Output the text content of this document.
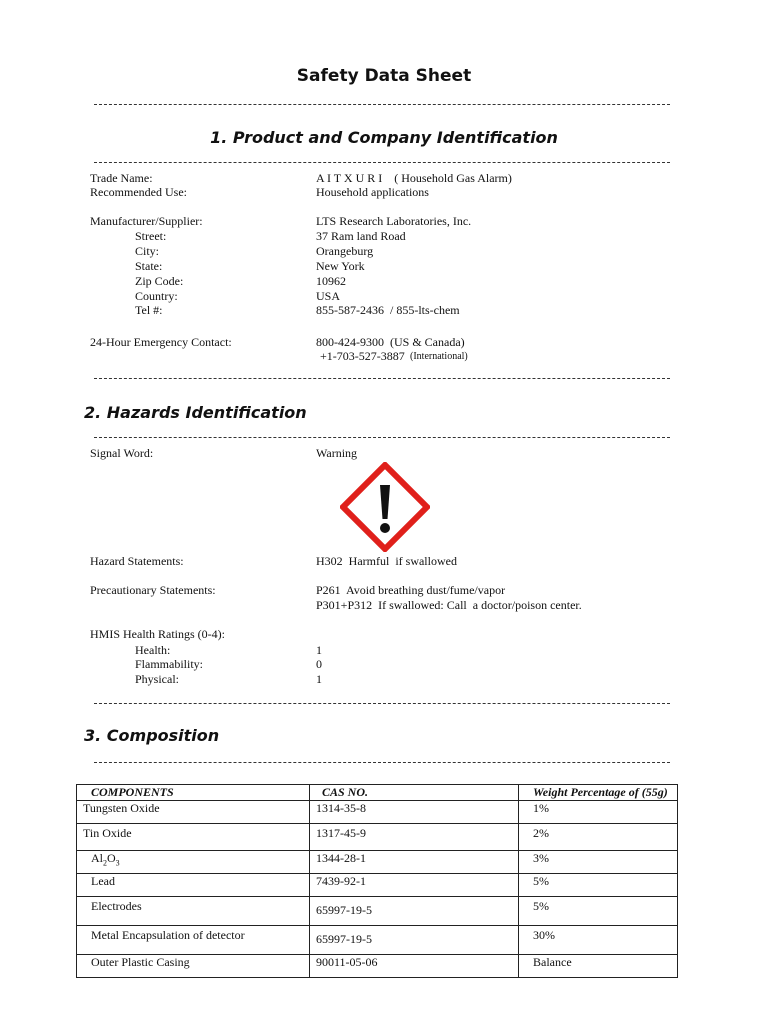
Safety Data Sheet
1. Product and Company Identification
Trade Name:	A I T X U R I    ( Household Gas Alarm)
Recommended Use:	Household applications
Manufacturer/Supplier:	LTS Research Laboratories, Inc.
Street:	37 Ram land Road
City:	Orangeburg
State:	New York
Zip Code:	10962
Country:	USA
Tel #:	855-587-2436  / 855-lts-chem
24-Hour Emergency Contact:	800-424-9300  (US & Canada)
+1-703-527-3887 (International)
2. Hazards Identification
Signal Word:	Warning
Hazard Statements:	H302  Harmful  if swallowed
Precautionary Statements:	P261  Avoid breathing dust/fume/vapor
P301+P312  If swallowed: Call  a doctor/poison center.
HMIS Health Ratings (0-4):
Health:	1
Flammability:	0
Physical:	1
3. Composition
COMPONENTS	CAS NO.	Weight Percentage of (55g)
Tungsten Oxide	1314-35-8	1%
Tin Oxide	1317-45-9	2%
$Al_2O_3$	1344-28-1	3%
Lead	7439-92-1	5%
Electrodes	65997-19-5	5%
Metal Encapsulation of detector	65997-19-5	30%
Outer Plastic Casing	90011-05-06	Balance
